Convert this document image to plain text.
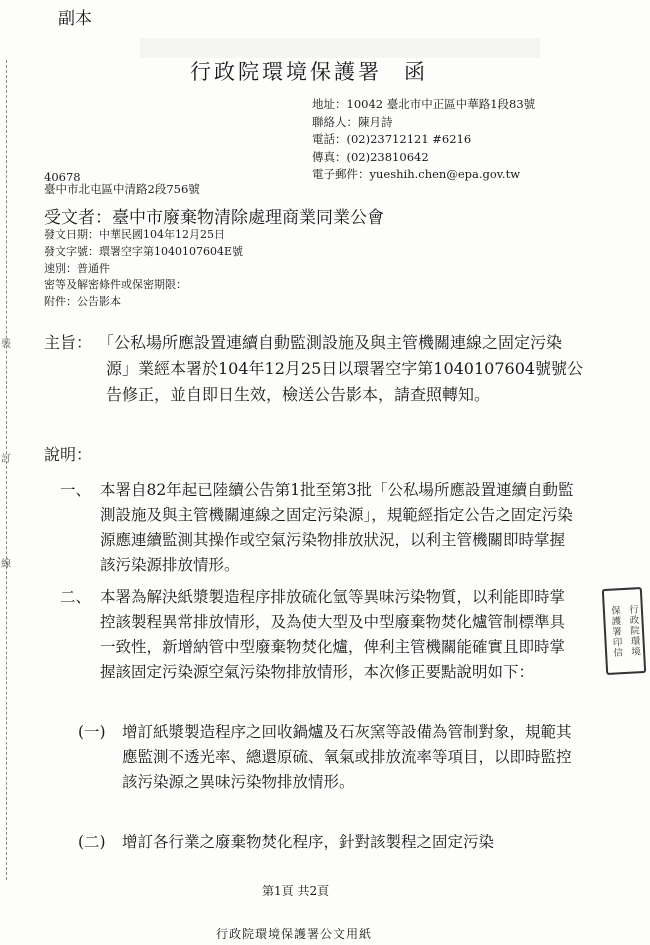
副本
裝
訂
線
行政院環境保護署 函
地址：10042 臺北市中正區中華路1段83號
聯絡人：陳月詩
電話：(02)23712121 #6216
傳真：(02)23810642
電子郵件：yueshih.chen@epa.gov.tw
40678
臺中市北屯區中清路2段756號
受文者：臺中市廢棄物清除處理商業同業公會
發文日期：中華民國104年12月25日
發文字號：環署空字第1040107604E號
速別：普通件
密等及解密條件或保密期限：
附件：公告影本
主旨： 「公私場所應設置連續自動監測設施及與主管機關連線之固定污染源」業經本署於104年12月25日以環署空字第1040107604號號公告修正，並自即日生效，檢送公告影本，請查照轉知。
說明：
一、 本署自82年起已陸續公告第1批至第3批「公私場所應設置連續自動監測設施及與主管機關連線之固定污染源」，規範經指定公告之固定污染源應連續監測其操作或空氣污染物排放狀況，以利主管機關即時掌握該污染源排放情形。
二、 本署為解決紙漿製造程序排放硫化氫等異味污染物質，以利能即時掌控該製程異常排放情形，及為使大型及中型廢棄物焚化爐管制標準具一致性，新增納管中型廢棄物焚化爐，俾利主管機關能確實且即時掌握該固定污染源空氣污染物排放情形，本次修正要點說明如下：
(一) 增訂紙漿製造程序之回收鍋爐及石灰窯等設備為管制對象，規範其應監測不透光率、總還原硫、氧氣或排放流率等項目，以即時監控該污染源之異味污染物排放情形。
(二) 增訂各行業之廢棄物焚化程序，針對該製程之固定污染
行政院環境
保護署印信
第1頁 共2頁
行政院環境保護署公文用紙
